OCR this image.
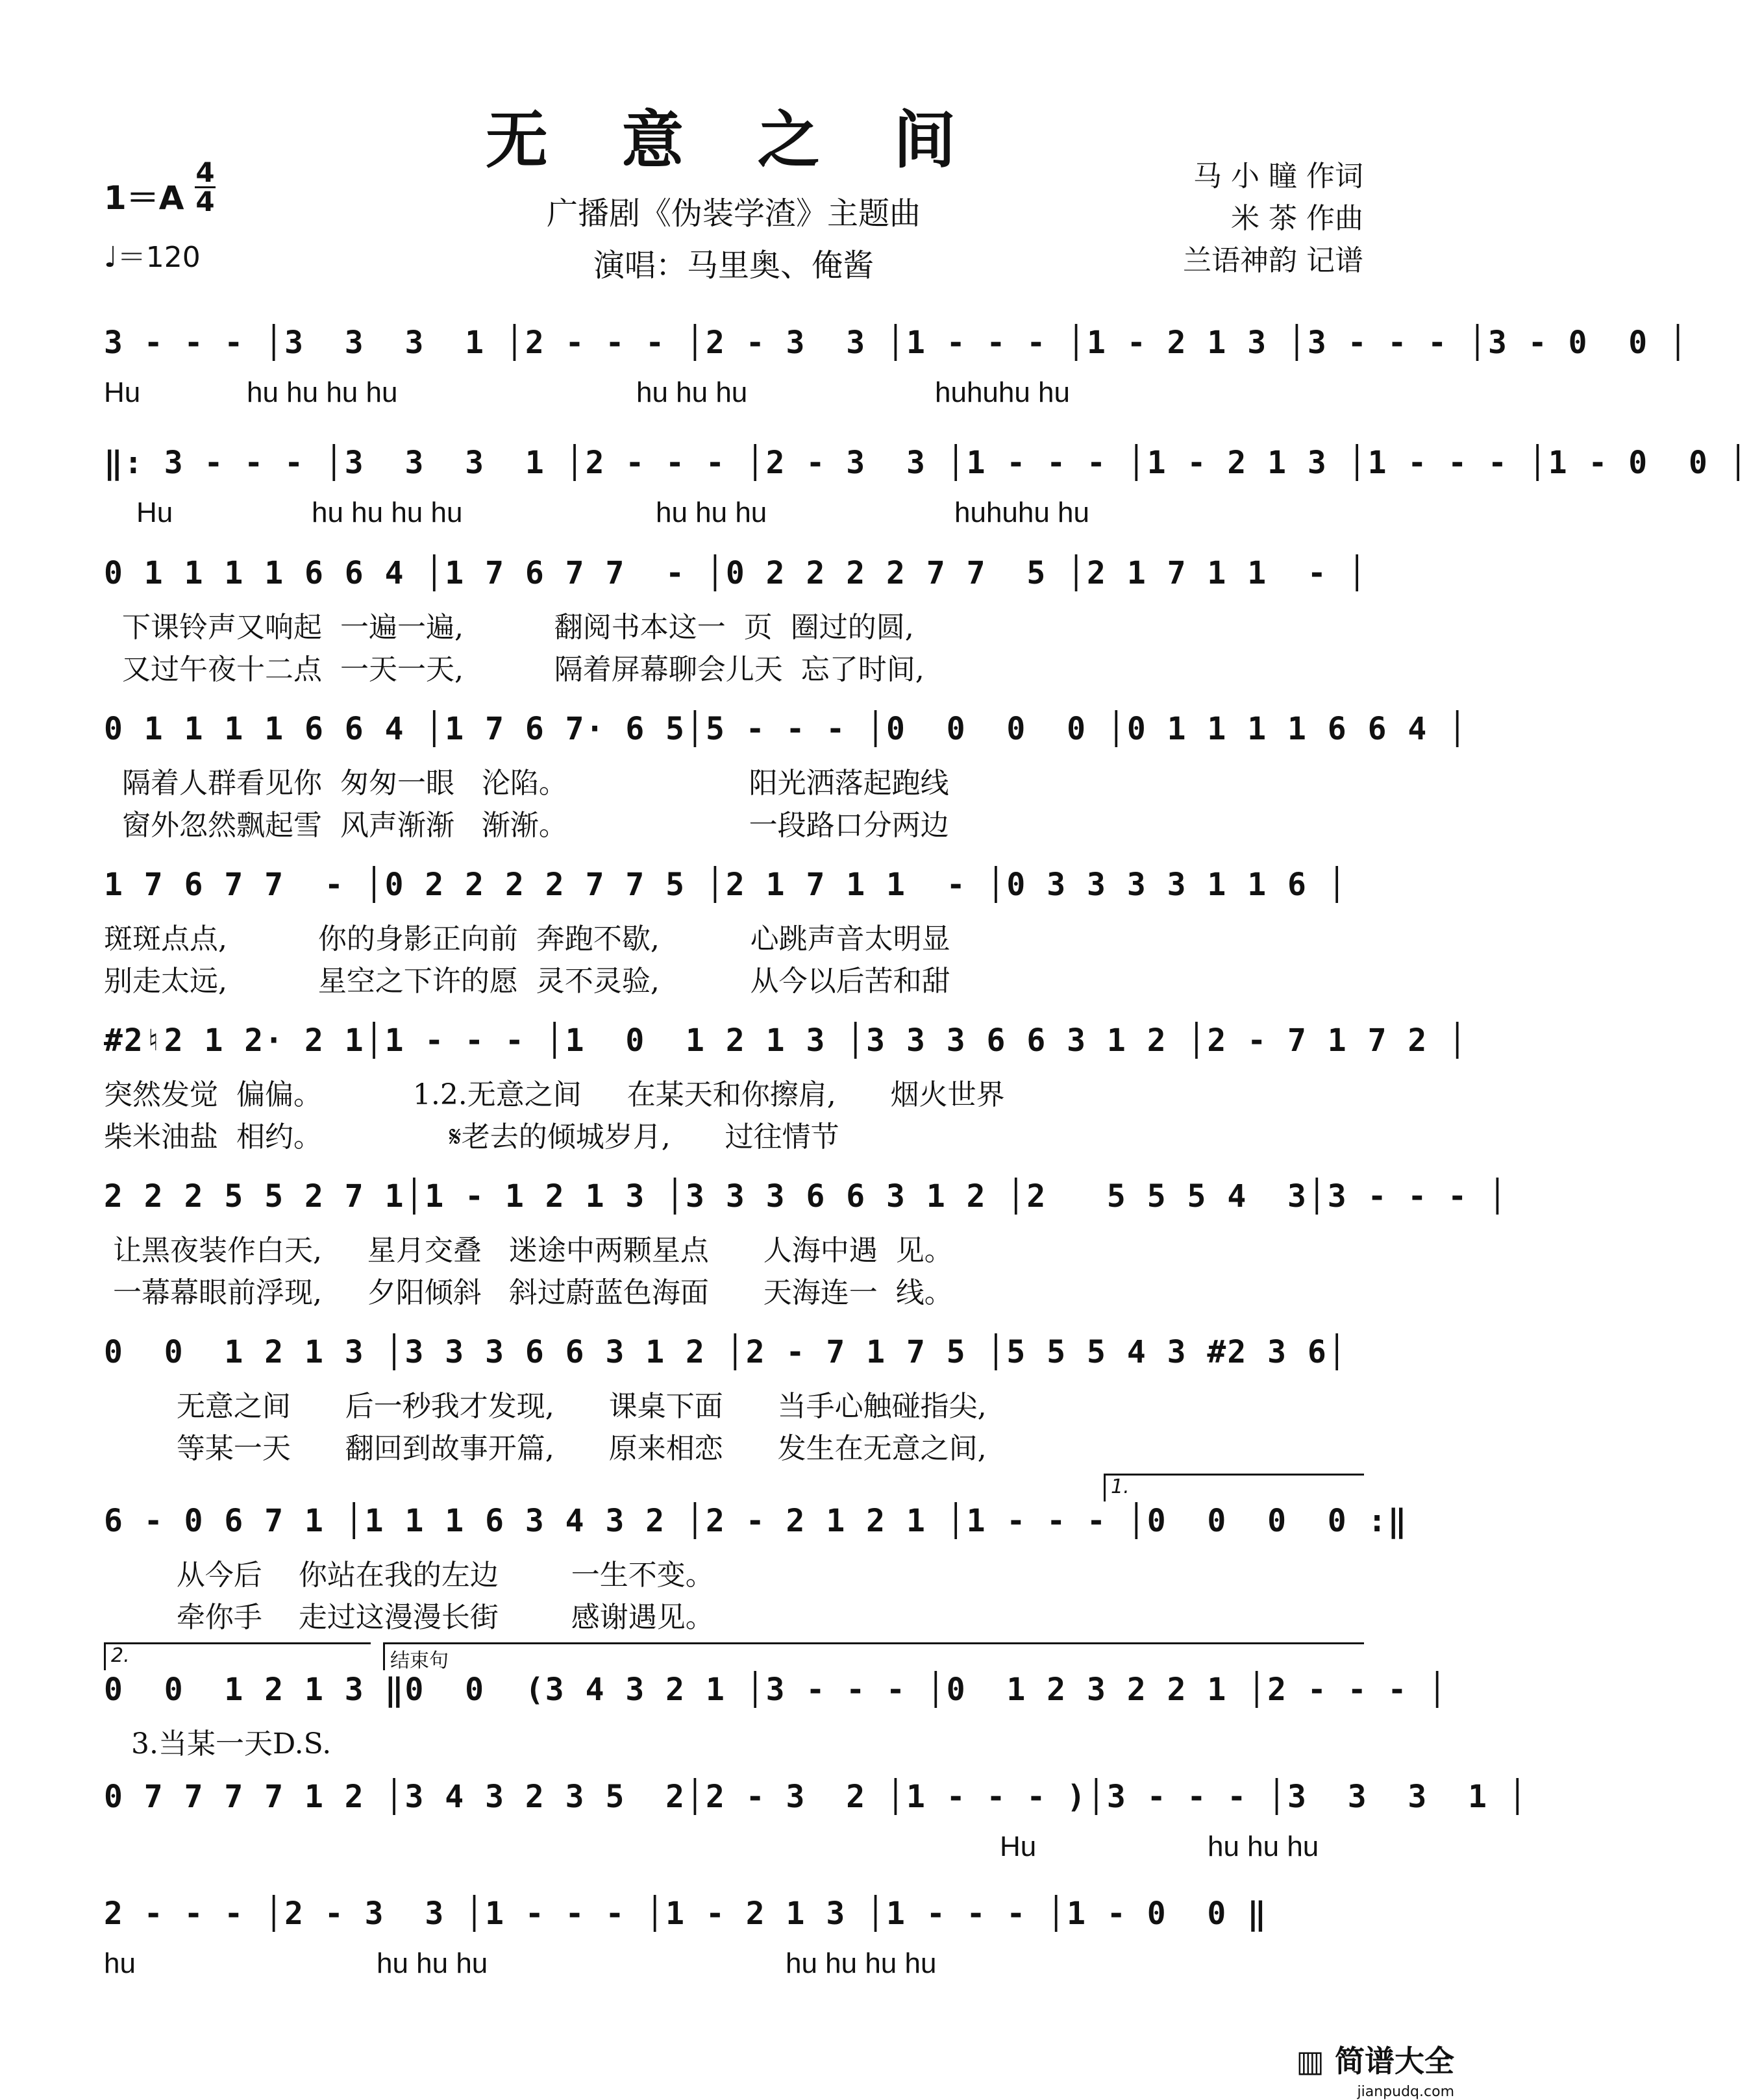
无 意 之 间
广播剧《伪装学渣》主题曲
演唱：马里奥、俺酱
马 小 瞳 作词
米 茶 作曲
兰语神韵 记谱
1＝A
4
4
♩＝120
3 - - - │3  3  3  1 │2 - - - │2 - 3  3 │1 - - - │1 - 2 1 3 │3 - - - │3 - 0  0 │
Hu	hu hu hu hu	hu hu hu	huhuhu hu
‖: 3 - - - │3  3  3  1 │2 - - - │2 - 3  3 │1 - - - │1 - 2 1 3 │1 - - - │1 - 0  0 │
Hu	hu hu hu hu	hu hu hu	huhuhu hu
0 1 1 1 1 6 6 4 │1 7 6 7 7  - │0 2 2 2 2 7 7  5 │2 1 7 1 1  - │
下课铃声又响起  一遍一遍,          翻阅书本这一  页  圈过的圆,
又过午夜十二点  一天一天,          隔着屏幕聊会儿天  忘了时间,
0 1 1 1 1 6 6 4 │1 7 6 7· 6 5│5 - - - │0  0  0  0 │0 1 1 1 1 6 6 4 │
隔着人群看见你  匆匆一眼   沦陷。                    阳光洒落起跑线
窗外忽然飘起雪  风声渐渐   渐渐。                    一段路口分两边
1 7 6 7 7  - │0 2 2 2 2 7 7 5 │2 1 7 1 1  - │0 3 3 3 3 1 1 6 │
斑斑点点,          你的身影正向前  奔跑不歇,          心跳声音太明显
别走太远,          星空之下许的愿  灵不灵验,          从今以后苦和甜
#2♮2 1 2· 2 1│1 - - - │1  0  1 2 1 3 │3 3 3 6 6 3 1 2 │2 - 7 1 7 2 │
突然发觉  偏偏。          1.2.无意之间     在某天和你擦肩,      烟火世界
柴米油盐  相约。              𝄋老去的倾城岁月,      过往情节
2 2 2 5 5 2 7 1│1 - 1 2 1 3 │3 3 3 6 6 3 1 2 │2   5 5 5 4  3│3 - - - │
让黑夜装作白天,     星月交叠   迷途中两颗星点      人海中遇  见。
一幕幕眼前浮现,     夕阳倾斜   斜过蔚蓝色海面      天海连一  线。
0  0  1 2 1 3 │3 3 3 6 6 3 1 2 │2 - 7 1 7 5 │5 5 5 4 3 #2 3 6│
无意之间      后一秒我才发现,      课桌下面      当手心触碰指尖,
等某一天      翻回到故事开篇,      原来相恋      发生在无意之间,
1.
6 - 0 6 7 1 │1 1 1 6 3 4 3 2 │2 - 2 1 2 1 │1 - - - │0  0  0  0 :‖
从今后    你站在我的左边        一生不变。
牵你手    走过这漫漫长街        感谢遇见。
2.	结束句
0  0  1 2 1 3 ‖0  0  (3 4 3 2 1 │3 - - - │0  1 2 3 2 2 1 │2 - - - │
3.当某一天D.S.
0 7 7 7 7 1 2 │3 4 3 2 3 5  2│2 - 3  2 │1 - - - )│3 - - - │3  3  3  1 │
Hu	hu hu hu
2 - - - │2 - 3  3 │1 - - - │1 - 2 1 3 │1 - - - │1 - 0  0 ‖
hu	hu hu hu	hu hu hu hu
▥ 简谱大全
jianpudq.com
